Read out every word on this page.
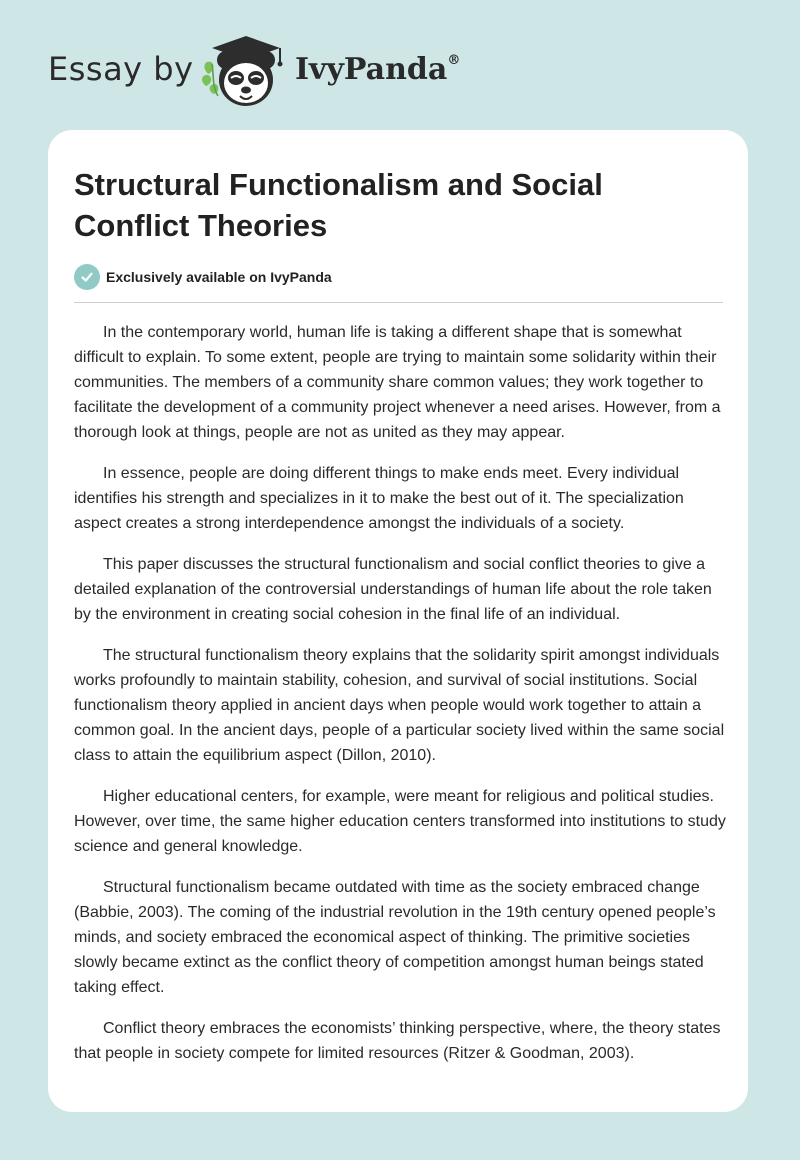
Essay by	IvyPanda®
Structural Functionalism and Social Conflict Theories
Exclusively available on IvyPanda

In the contemporary world, human life is taking a different shape that is somewhat difficult to explain. To some extent, people are trying to maintain some solidarity within their communities. The members of a community share common values; they work together to facilitate the development of a community project whenever a need arises. However, from a thorough look at things, people are not as united as they may appear.

In essence, people are doing different things to make ends meet. Every individual identifies his strength and specializes in it to make the best out of it. The specialization aspect creates a strong interdependence amongst the individuals of a society.

This paper discusses the structural functionalism and social conflict theories to give a detailed explanation of the controversial understandings of human life about the role taken by the environment in creating social cohesion in the final life of an individual.

The structural functionalism theory explains that the solidarity spirit amongst individuals works profoundly to maintain stability, cohesion, and survival of social institutions. Social functionalism theory applied in ancient days when people would work together to attain a common goal. In the ancient days, people of a particular society lived within the same social class to attain the equilibrium aspect (Dillon, 2010).

Higher educational centers, for example, were meant for religious and political studies. However, over time, the same higher education centers transformed into institutions to study science and general knowledge.

Structural functionalism became outdated with time as the society embraced change (Babbie, 2003). The coming of the industrial revolution in the 19th century opened people’s minds, and society embraced the economical aspect of thinking. The primitive societies slowly became extinct as the conflict theory of competition amongst human beings stated taking effect.

Conflict theory embraces the economists’ thinking perspective, where, the theory states that people in society compete for limited resources (Ritzer & Goodman, 2003).
